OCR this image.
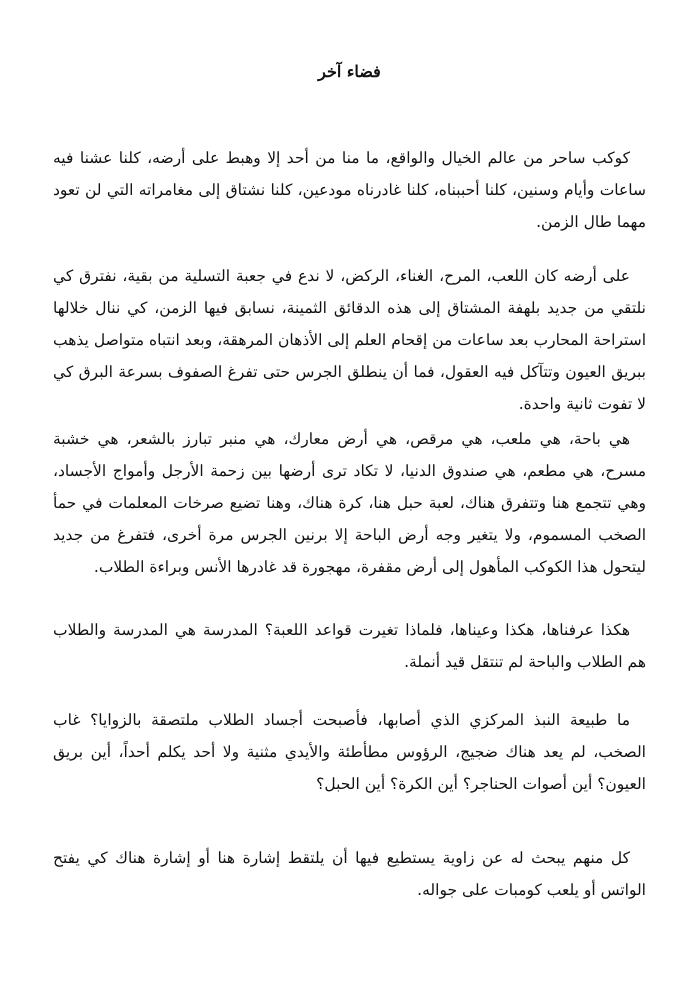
فضاء آخر

كوكب ساحر من عالم الخيال والواقع، ما منا من أحد إلا وهبط على أرضه، كلنا عشنا فيه ساعات وأيام وسنين، كلنا أحببناه، كلنا غادرناه مودعين، كلنا نشتاق إلى مغامراته التي لن تعود مهما طال الزمن.

على أرضه كان اللعب، المرح، الغناء، الركض، لا ندع في جعبة التسلية من بقية، نفترق كي نلتقي من جديد بلهفة المشتاق إلى هذه الدقائق الثمينة، نسابق فيها الزمن، كي ننال خلالها استراحة المحارب بعد ساعات من إقحام العلم إلى الأذهان المرهقة، وبعد انتباه متواصل يذهب ببريق العيون وتتآكل فيه العقول، فما أن ينطلق الجرس حتى تفرغ الصفوف بسرعة البرق كي لا تفوت ثانية واحدة.

هي باحة، هي ملعب، هي مرقص، هي أرض معارك، هي منبر تبارز بالشعر، هي خشبة مسرح، هي مطعم، هي صندوق الدنيا، لا تكاد ترى أرضها بين زحمة الأرجل وأمواج الأجساد، وهي تتجمع هنا وتتفرق هناك، لعبة حبل هنا، كرة هناك، وهنا تضيع صرخات المعلمات في حمأ الصخب المسموم، ولا يتغير وجه أرض الباحة إلا برنين الجرس مرة أخرى، فتفرغ من جديد ليتحول هذا الكوكب المأهول إلى أرض مقفرة، مهجورة قد غادرها الأنس وبراءة الطلاب.

هكذا عرفناها، هكذا وعيناها، فلماذا تغيرت قواعد اللعبة؟ المدرسة هي المدرسة والطلاب هم الطلاب والباحة لم تنتقل قيد أنملة.

ما طبيعة النبذ المركزي الذي أصابها، فأصبحت أجساد الطلاب ملتصقة بالزوايا؟ غاب الصخب، لم يعد هناك ضجيج، الرؤوس مطأطئة والأيدي مثنية ولا أحد يكلم أحداً، أين بريق العيون؟ أين أصوات الحناجر؟ أين الكرة؟ أين الحبل؟

كل منهم يبحث له عن زاوية يستطيع فيها أن يلتقط إشارة هنا أو إشارة هناك كي يفتح الواتس أو يلعب كومبات على جواله.
